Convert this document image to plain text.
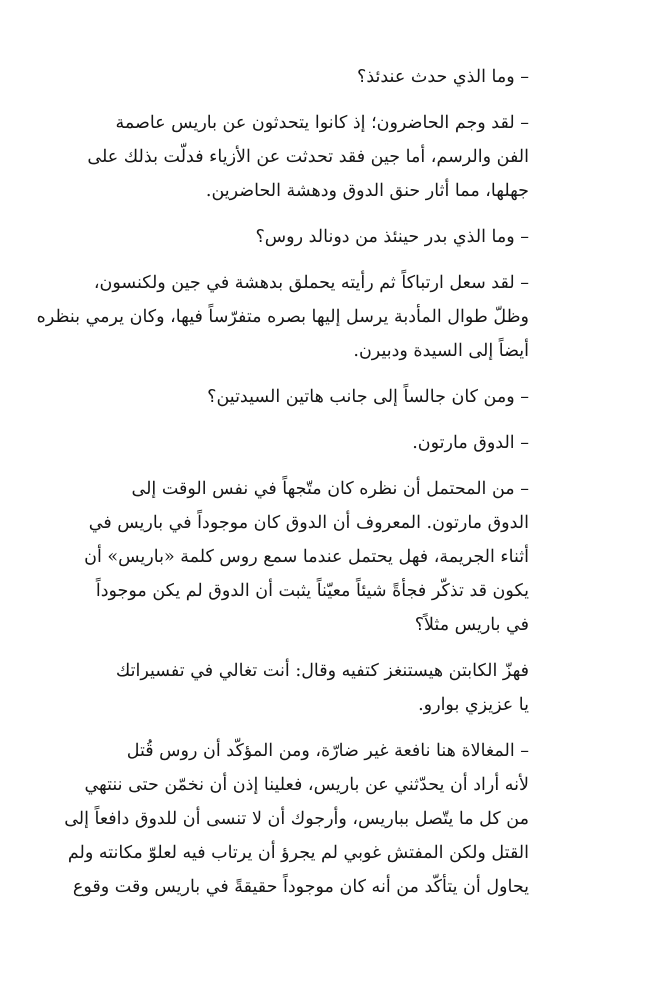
– وما الذي حدث عندئذ؟

– لقد وجم الحاضرون؛ إذ كانوا يتحدثون عن باريس عاصمة
الفن والرسم، أما جين فقد تحدثت عن الأزياء فدلّت بذلك على
جهلها، مما أثار حنق الدوق ودهشة الحاضرين.

– وما الذي بدر حينئذ من دونالد روس؟

– لقد سعل ارتباكاً ثم رأيته يحملق بدهشة في جين ولكنسون،
وظلّ طوال المأدبة يرسل إليها بصره متفرّساً فيها، وكان يرمي بنظره
أيضاً إلى السيدة ودبيرن.

– ومن كان جالساً إلى جانب هاتين السيدتين؟

– الدوق مارتون.

– من المحتمل أن نظره كان متّجهاً في نفس الوقت إلى
الدوق مارتون. المعروف أن الدوق كان موجوداً في باريس في
أثناء الجريمة، فهل يحتمل عندما سمع روس كلمة «باريس» أن
يكون قد تذكّر فجأةً شيئاً معيّناً يثبت أن الدوق لم يكن موجوداً
في باريس مثلاً؟

فهزّ الكابتن هيستنغز كتفيه وقال: أنت تغالي في تفسيراتك
يا عزيزي بوارو.

– المغالاة هنا نافعة غير ضارّة، ومن المؤكّد أن روس قُتل
لأنه أراد أن يحدّثني عن باريس، فعلينا إذن أن نخمّن حتى ننتهي
من كل ما يتّصل بباريس، وأرجوك أن لا تنسى أن للدوق دافعاً إلى
القتل ولكن المفتش غوبي لم يجرؤ أن يرتاب فيه لعلوّ مكانته ولم
يحاول أن يتأكّد من أنه كان موجوداً حقيقةً في باريس وقت وقوع
